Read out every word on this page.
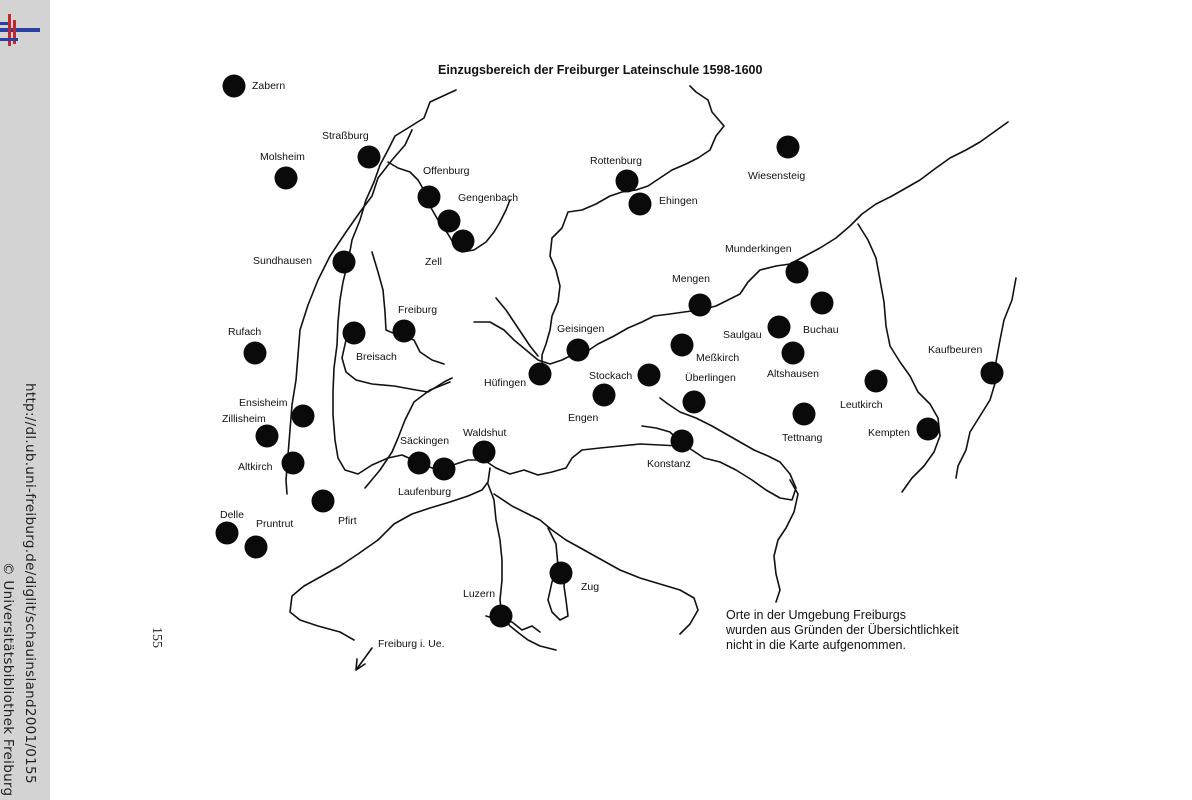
http://dl.ub.uni-freiburg.de/diglit/schauinsland2001/0155
© Universitätsbibliothek Freiburg
Zabern
Straßburg
Molsheim
Offenburg
Gengenbach
Zell
Rottenburg
Ehingen
Wiesensteig
Sundhausen
Freiburg
Breisach
Rufach
Munderkingen
Mengen
Buchau
Saulgau
Geisingen
Meßkirch
Altshausen
Hüfingen
Stockach	Überlingen
Engen
Kaufbeuren
Leutkirch
Ensisheim
Zillisheim
Säckingen
Waldshut
Konstanz
Tettnang	Kempten
Altkirch
Laufenburg
Pfirt
Delle
Pruntrut
Zug
Luzern
Einzugsbereich der Freiburger Lateinschule 1598-1600
155	Freiburg i. Ue.
Orte in der Umgebung Freiburgs
wurden aus Gründen der Übersichtlichkeit
nicht in die Karte aufgenommen.
